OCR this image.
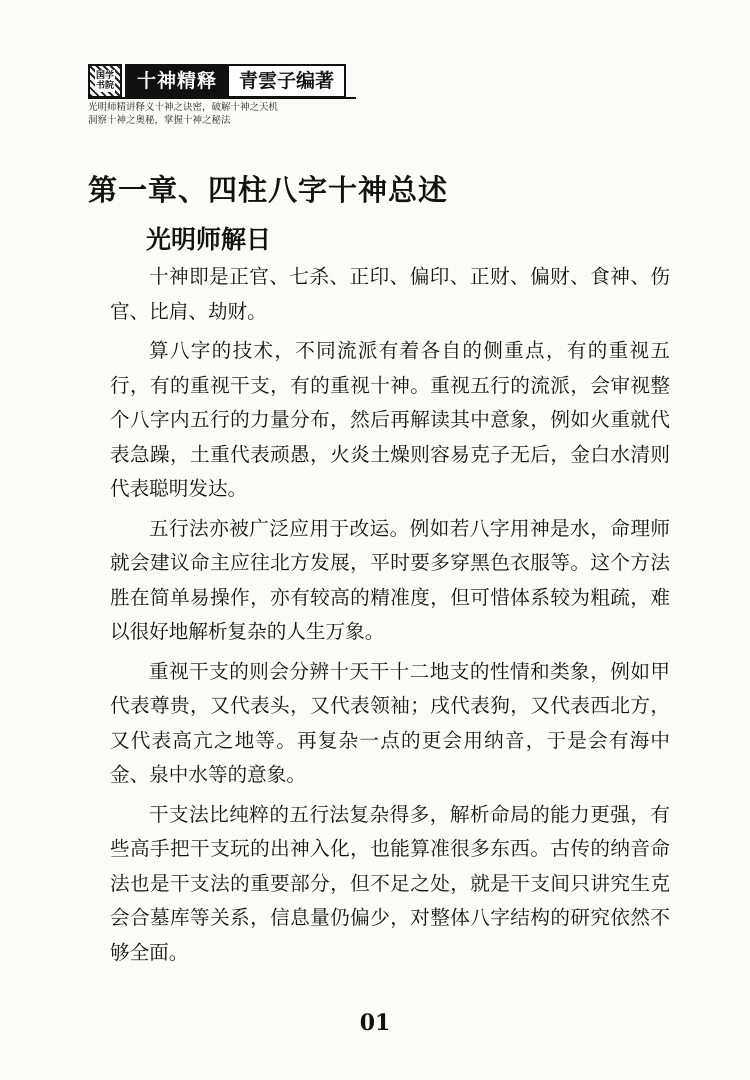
国学
书院	十神精释	青雲子编著
光明师精讲释义十神之诀密，破解十神之天机
洞察十神之奥秘，掌握十神之秘法
第一章、四柱八字十神总述
光明师解日

十神即是正官、七杀、正印、偏印、正财、偏财、食神、伤官、比肩、劫财。

算八字的技术，不同流派有着各自的侧重点，有的重视五行，有的重视干支，有的重视十神。重视五行的流派，会审视整个八字内五行的力量分布，然后再解读其中意象，例如火重就代表急躁，土重代表顽愚，火炎土燥则容易克子无后，金白水清则代表聪明发达。

五行法亦被广泛应用于改运。例如若八字用神是水，命理师就会建议命主应往北方发展，平时要多穿黑色衣服等。这个方法胜在简单易操作，亦有较高的精准度，但可惜体系较为粗疏，难以很好地解析复杂的人生万象。

重视干支的则会分辨十天干十二地支的性情和类象，例如甲代表尊贵，又代表头，又代表领袖；戌代表狗，又代表西北方，又代表高亢之地等。再复杂一点的更会用纳音，于是会有海中金、泉中水等的意象。

干支法比纯粹的五行法复杂得多，解析命局的能力更强，有些高手把干支玩的出神入化，也能算准很多东西。古传的纳音命法也是干支法的重要部分，但不足之处，就是干支间只讲究生克会合墓库等关系，信息量仍偏少，对整体八字结构的研究依然不够全面。

01
